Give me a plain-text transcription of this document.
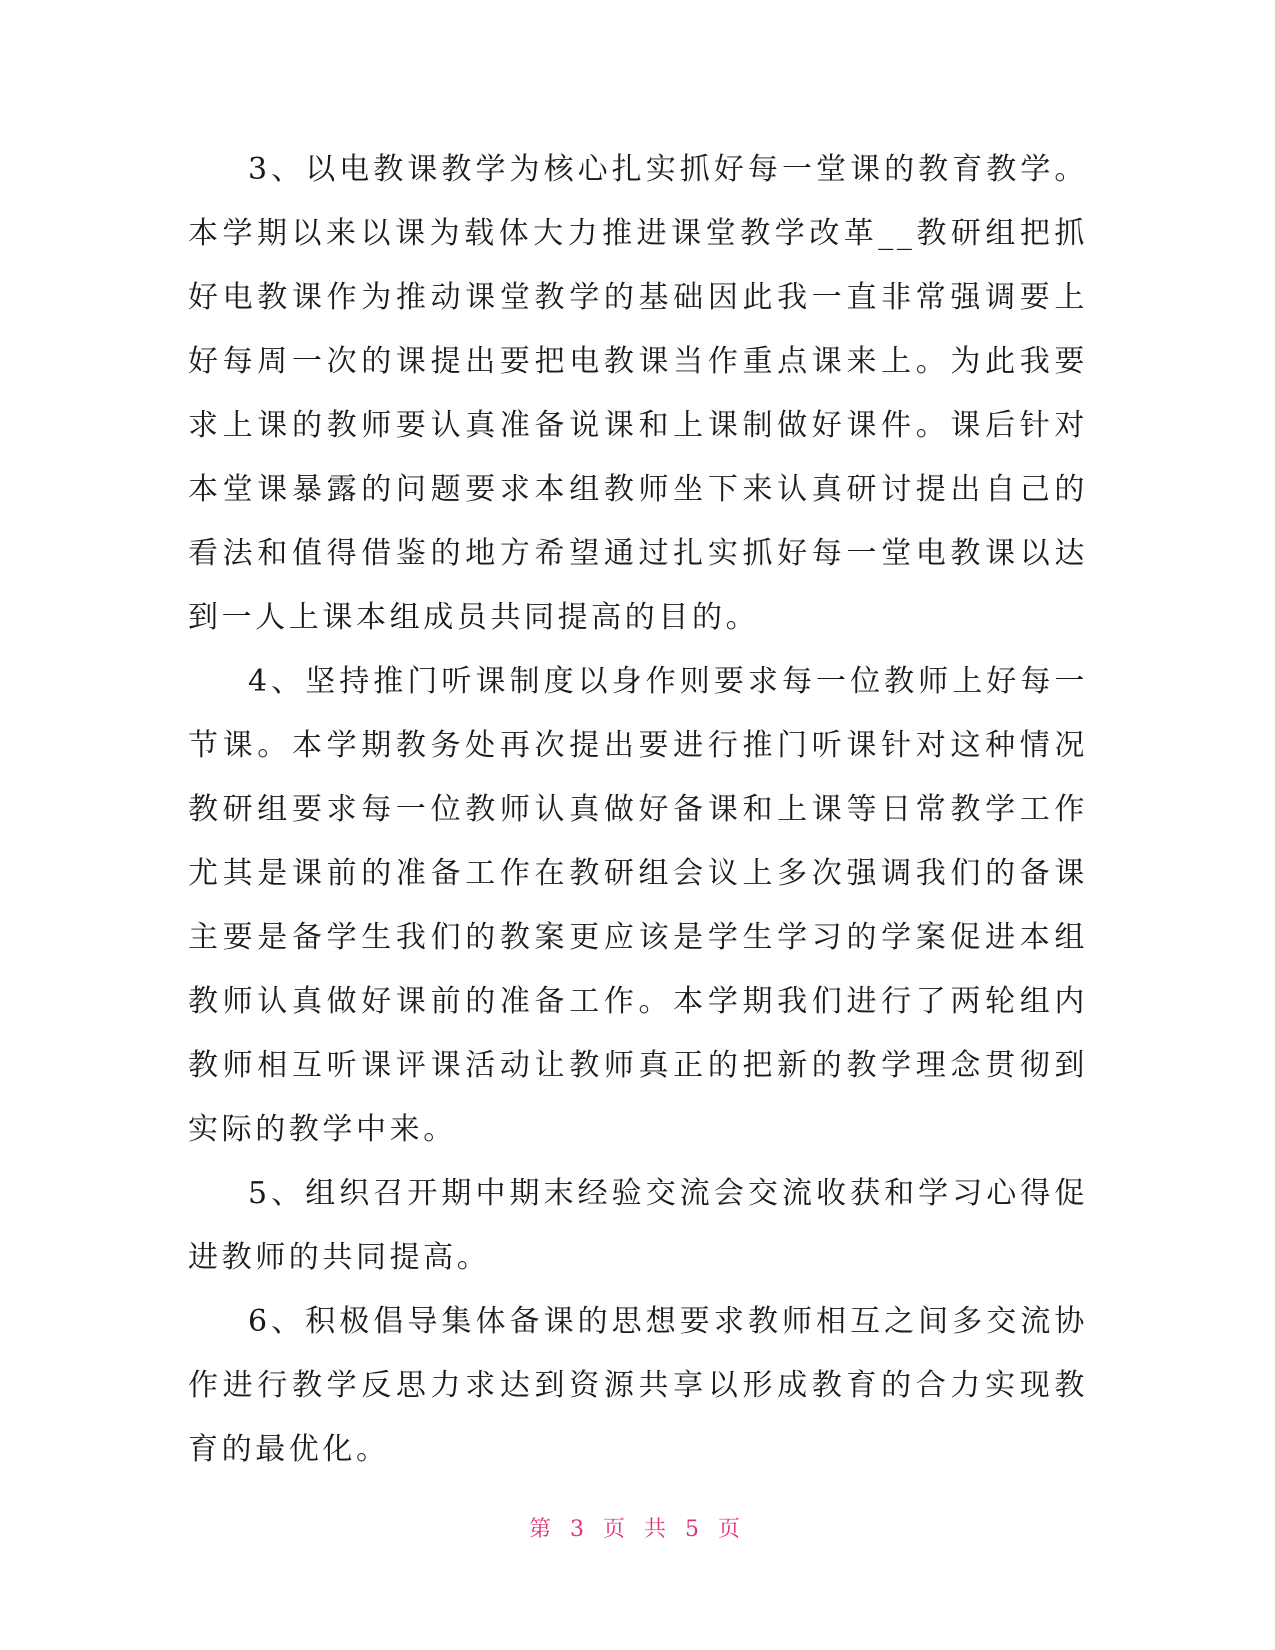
3、以电教课教学为核心扎实抓好每一堂课的教育教学。本学期以来以课为载体大力推进课堂教学改革__教研组把抓好电教课作为推动课堂教学的基础因此我一直非常强调要上好每周一次的课提出要把电教课当作重点课来上。为此我要求上课的教师要认真准备说课和上课制做好课件。课后针对本堂课暴露的问题要求本组教师坐下来认真研讨提出自己的看法和值得借鉴的地方希望通过扎实抓好每一堂电教课以达到一人上课本组成员共同提高的目的。

4、坚持推门听课制度以身作则要求每一位教师上好每一节课。本学期教务处再次提出要进行推门听课针对这种情况教研组要求每一位教师认真做好备课和上课等日常教学工作尤其是课前的准备工作在教研组会议上多次强调我们的备课主要是备学生我们的教案更应该是学生学习的学案促进本组教师认真做好课前的准备工作。本学期我们进行了两轮组内教师相互听课评课活动让教师真正的把新的教学理念贯彻到实际的教学中来。

5、组织召开期中期末经验交流会交流收获和学习心得促进教师的共同提高。

6、积极倡导集体备课的思想要求教师相互之间多交流协作进行教学反思力求达到资源共享以形成教育的合力实现教育的最优化。

第 3 页 共 5 页
